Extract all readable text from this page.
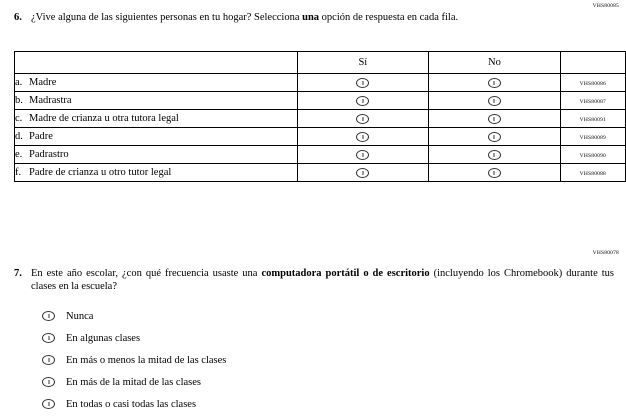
VHS80085
6. ¿Vive alguna de las siguientes personas en tu hogar? Selecciona una opción de respuesta en cada fila.
	Sí	No	
a. Madre			VHS80086
b. Madrastra			VHS80087
c. Madre de crianza u otra tutora legal			VHS80091
d. Padre			VHS80089
e. Padrastro			VHS80090
f. Padre de crianza u otro tutor legal			VHS80088
VHS80078
7. En este año escolar, ¿con qué frecuencia usaste una computadora portátil o de escritorio (incluyendo los Chromebook) durante tus clases en la escuela?
Nunca
En algunas clases
En más o menos la mitad de las clases
En más de la mitad de las clases
En todas o casi todas las clases
